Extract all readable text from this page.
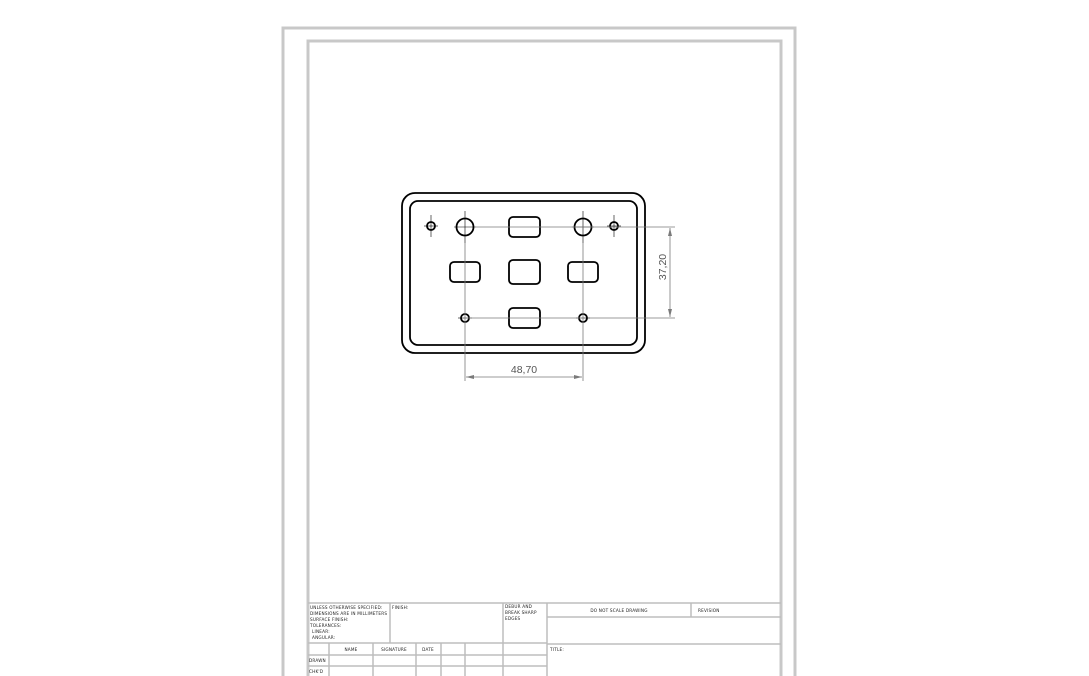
48,70
37,20
UNLESS OTHERWISE SPECIFIED:
DIMENSIONS ARE IN MILLIMETERS
SURFACE FINISH:
TOLERANCES:
LINEAR:
ANGULAR:
FINISH:	DEBUR AND
BREAK SHARP
EDGES
DO NOT SCALE DRAWING	REVISION
TITLE:
NAME	SIGNATURE	DATE
DRAWN
CHK'D
